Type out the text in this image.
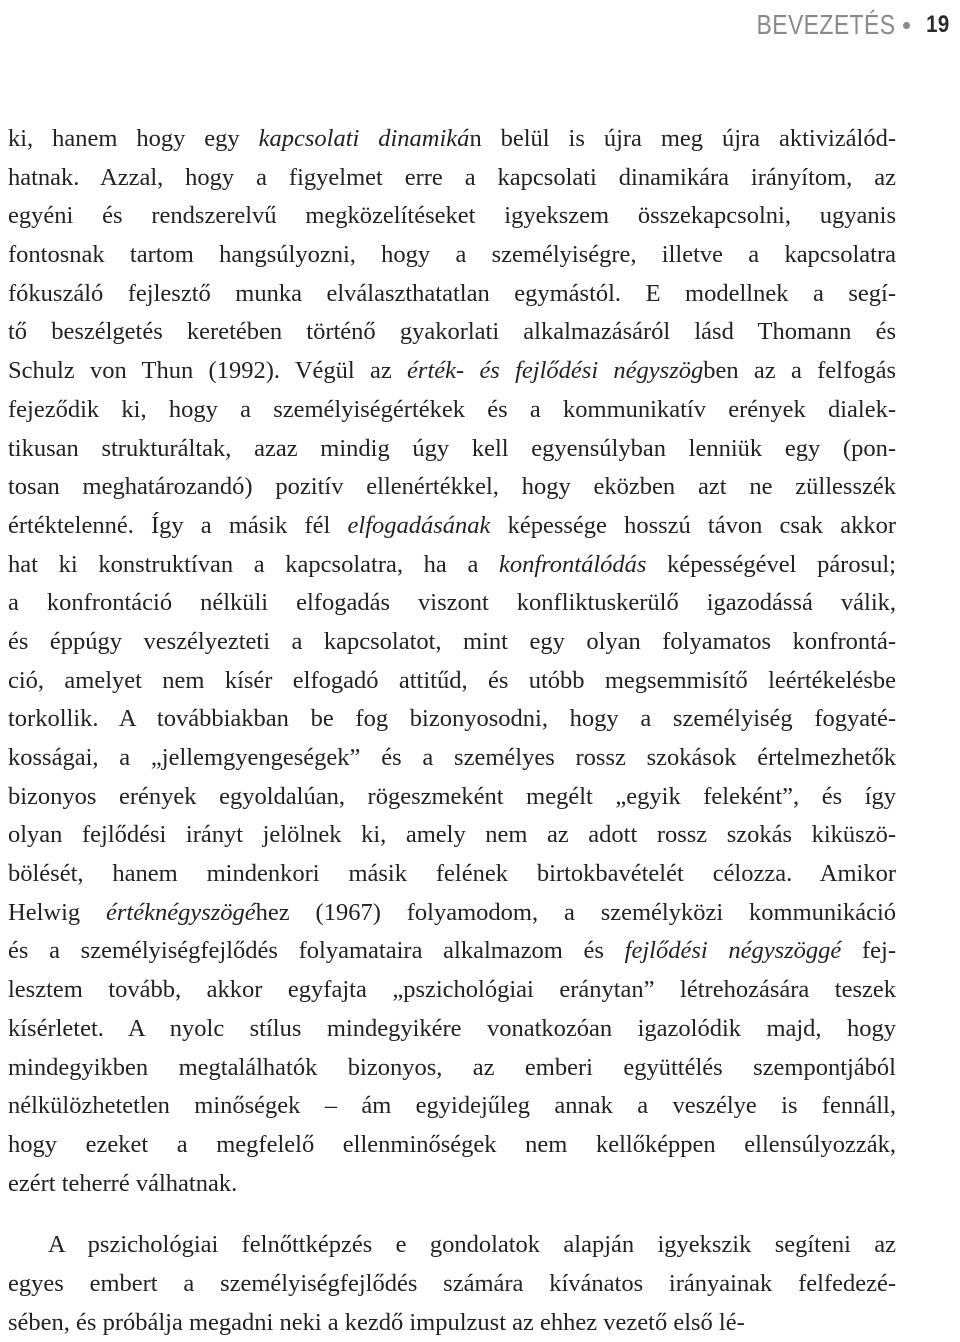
BEVEZETÉS 19
ki, hanem hogy egy kapcsolati dinamikán belül is újra meg újra aktivizálód-
hatnak. Azzal, hogy a figyelmet erre a kapcsolati dinamikára irányítom, az
egyéni és rendszerelvű megközelítéseket igyekszem összekapcsolni, ugyanis
fontosnak tartom hangsúlyozni, hogy a személyiségre, illetve a kapcsolatra
fókuszáló fejlesztő munka elválaszthatatlan egymástól. E modellnek a segí-
tő beszélgetés keretében történő gyakorlati alkalmazásáról lásd Thomann és
Schulz von Thun (1992). Végül az érték- és fejlődési négyszögben az a felfogás
fejeződik ki, hogy a személyiségértékek és a kommunikatív erények dialek-
tikusan strukturáltak, azaz mindig úgy kell egyensúlyban lenniük egy (pon-
tosan meghatározandó) pozitív ellenértékkel, hogy eközben azt ne züllesszék
értéktelenné. Így a másik fél elfogadásának képessége hosszú távon csak akkor
hat ki konstruktívan a kapcsolatra, ha a konfrontálódás képességével párosul;
a konfrontáció nélküli elfogadás viszont konfliktuskerülő igazodássá válik,
és éppúgy veszélyezteti a kapcsolatot, mint egy olyan folyamatos konfrontá-
ció, amelyet nem kísér elfogadó attitűd, és utóbb megsemmisítő leértékelésbe
torkollik. A továbbiakban be fog bizonyosodni, hogy a személyiség fogyaté-
kosságai, a „jellemgyengeségek” és a személyes rossz szokások értelmezhetők
bizonyos erények egyoldalúan, rögeszmeként megélt „egyik feleként”, és így
olyan fejlődési irányt jelölnek ki, amely nem az adott rossz szokás kiküszö-
bölését, hanem mindenkori másik felének birtokbavételét célozza. Amikor
Helwig értéknégyszögéhez (1967) folyamodom, a személyközi kommunikáció
és a személyiségfejlődés folyamataira alkalmazom és fejlődési négyszöggé fej-
lesztem tovább, akkor egyfajta „pszichológiai eránytan” létrehozására teszek
kísérletet. A nyolc stílus mindegyikére vonatkozóan igazolódik majd, hogy
mindegyikben megtalálhatók bizonyos, az emberi együttélés szempontjából
nélkülözhetetlen minőségek – ám egyidejűleg annak a veszélye is fennáll,
hogy ezeket a megfelelő ellenminőségek nem kellőképpen ellensúlyozzák,
ezért teherré válhatnak.
A pszichológiai felnőttképzés e gondolatok alapján igyekszik segíteni az
egyes embert a személyiségfejlődés számára kívánatos irányainak felfedezé-
sében, és próbálja megadni neki a kezdő impulzust az ehhez vezető első lé-
